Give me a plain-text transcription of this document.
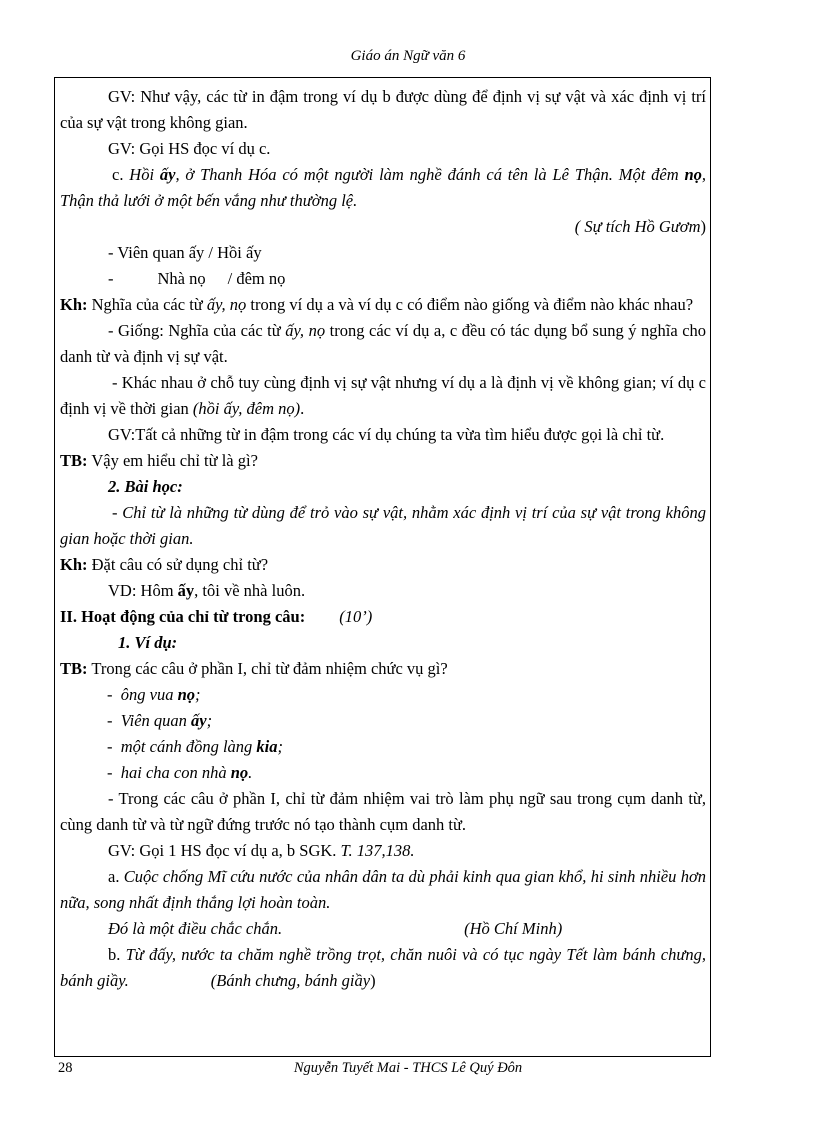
Giáo án Ngữ văn 6

GV: Như vậy, các từ in đậm trong ví dụ b được dùng để định vị sự vật và xác định vị trí của sự vật trong không gian.

GV: Gọi HS đọc ví dụ c.

c. Hồi ấy, ở Thanh Hóa có một người làm nghề đánh cá tên là Lê Thận. Một đêm nọ, Thận thả lưới ở một bến vắng như thường lệ.

( Sự tích Hồ Gươm)

- Viên quan ấy / Hồi ấy

-	Nhà nọ / đêm nọ

Kh: Nghĩa của các từ ấy, nọ trong ví dụ a và ví dụ c có điểm nào giống và điểm nào khác nhau?

- Giống: Nghĩa của các từ ấy, nọ trong các ví dụ a, c đều có tác dụng bổ sung ý nghĩa cho danh từ và định vị sự vật.

- Khác nhau ở chỗ tuy cùng định vị sự vật nhưng ví dụ a là định vị về không gian; ví dụ c định vị về thời gian (hồi ấy, đêm nọ).

GV:Tất cả những từ in đậm trong các ví dụ chúng ta vừa tìm hiểu được gọi là chỉ từ.

TB: Vậy em hiểu chỉ từ là gì?

2. Bài học:

- Chỉ từ là những từ dùng để trỏ vào sự vật, nhằm xác định vị trí của sự vật trong không gian hoặc thời gian.

Kh: Đặt câu có sử dụng chỉ từ?

VD: Hôm ấy, tôi về nhà luôn.

II. Hoạt động của chỉ từ trong câu: (10’)

1. Ví dụ:

TB: Trong các câu ở phần I, chỉ từ đảm nhiệm chức vụ gì?

-  ông vua nọ;

-  Viên quan ấy;

-  một cánh đồng làng kia;

-  hai cha con nhà nọ.

- Trong các câu ở phần I, chỉ từ đảm nhiệm vai trò làm phụ ngữ sau trong cụm danh từ, cùng danh từ và từ ngữ đứng trước nó tạo thành cụm danh từ.

GV: Gọi 1 HS đọc ví dụ a, b SGK. T. 137,138.

a. Cuộc chống Mĩ cứu nước của nhân dân ta dù phải kinh qua gian khổ, hi sinh nhiều hơn nữa, song nhất định thắng lợi hoàn toàn.

Đó là một điều chắc chắn.	(Hồ Chí Minh)

b. Từ đấy, nước ta chăm nghề trồng trọt, chăn nuôi và có tục ngày Tết làm bánh chưng, bánh giầy.	(Bánh chưng, bánh giầy)

28	Nguyễn Tuyết Mai - THCS Lê Quý Đôn
